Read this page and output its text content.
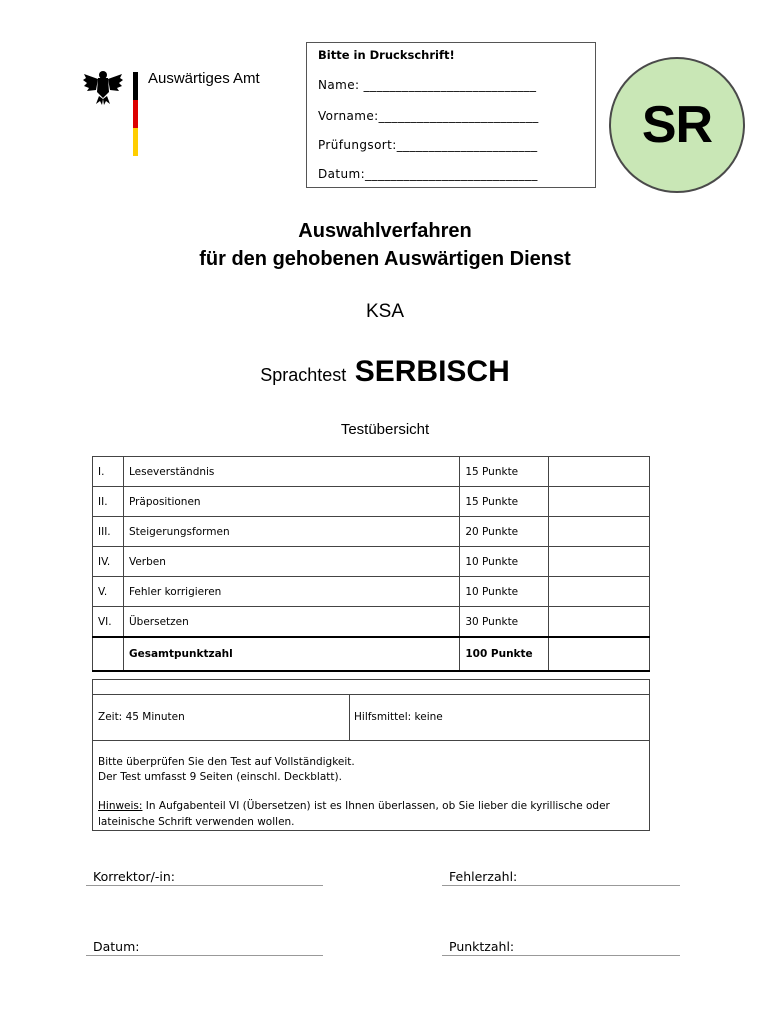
Auswärtiges Amt
Bitte in Druckschrift!
Name: ___________________________
Vorname:_________________________
Prüfungsort:______________________
Datum:___________________________
SR
Auswahlverfahren
für den gehobenen Auswärtigen Dienst
KSA
Sprachtest SERBISCH
Testübersicht
I.	Leseverständnis	15 Punkte	
II.	Präpositionen	15 Punkte	
III.	Steigerungsformen	20 Punkte	
IV.	Verben	10 Punkte	
V.	Fehler korrigieren	10 Punkte	
VI.	Übersetzen	30 Punkte	
	Gesamtpunktzahl	100 Punkte	
Zeit: 45 Minuten	Hilfsmittel: keine
Bitte überprüfen Sie den Test auf Vollständigkeit.
Der Test umfasst 9 Seiten (einschl. Deckblatt).
Hinweis: In Aufgabenteil VI (Übersetzen) ist es Ihnen überlassen, ob Sie lieber die kyrillische oder
lateinische Schrift verwenden wollen.
Korrektor/-in:	Fehlerzahl:
Datum:	Punktzahl:
